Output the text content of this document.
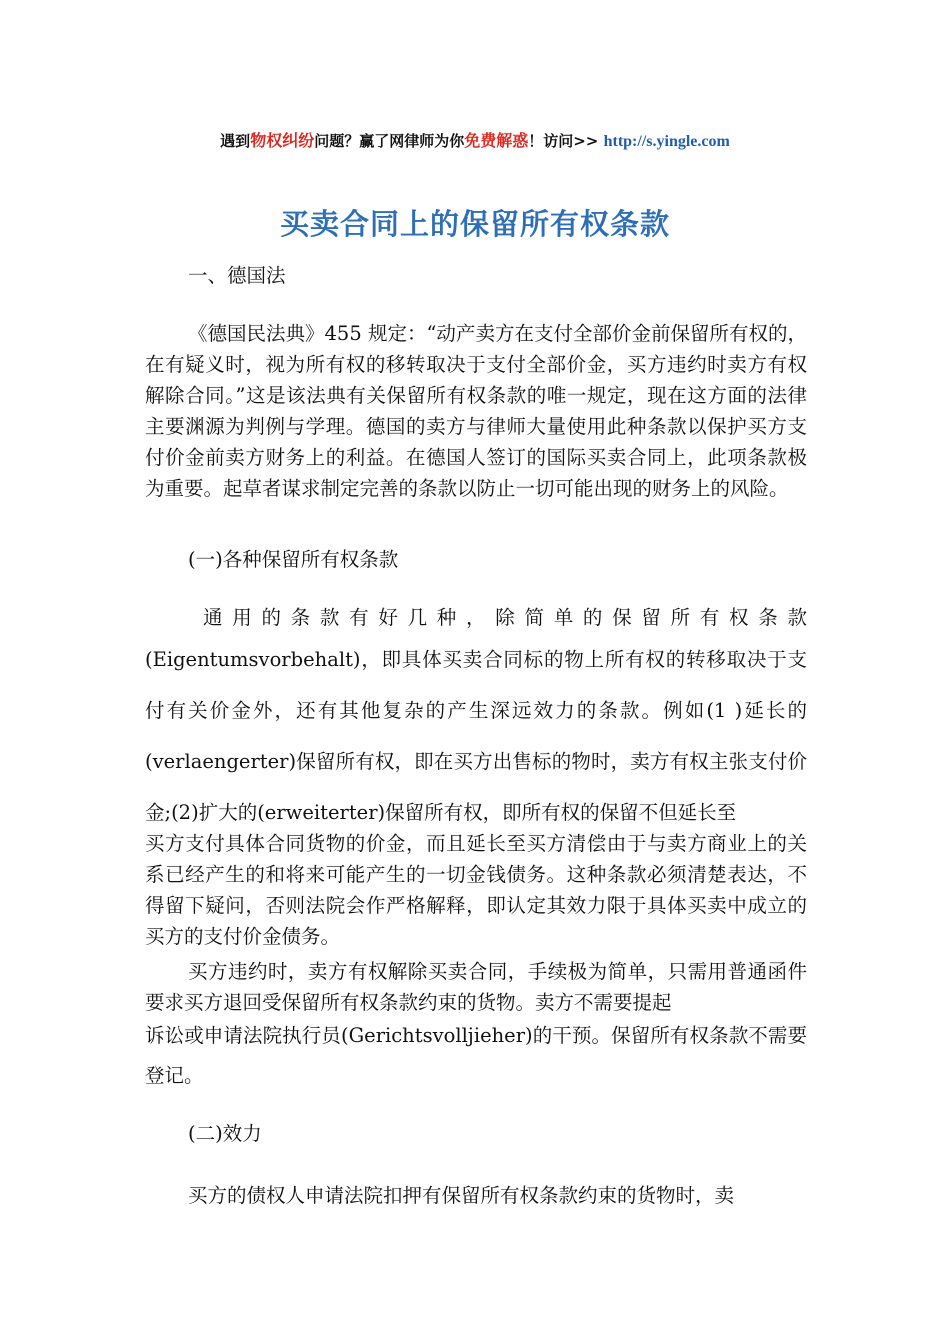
遇到物权纠纷问题？赢了网律师为你免费解惑！访问>> http://s.yingle.com
买卖合同上的保留所有权条款
一、德国法
《德国民法典》455 规定：“动产卖方在支付全部价金前保留所有权的，在有疑义时，视为所有权的移转取决于支付全部价金，买方违约时卖方有权解除合同。”这是该法典有关保留所有权条款的唯一规定，现在这方面的法律主要渊源为判例与学理。德国的卖方与律师大量使用此种条款以保护买方支付价金前卖方财务上的利益。在德国人签订的国际买卖合同上，此项条款极为重要。起草者谋求制定完善的条款以防止一切可能出现的财务上的风险。
(一)各种保留所有权条款
通 用 的 条 款 有 好 几 种 ， 除 简 单 的 保 留 所 有 权 条 款
(Eigentumsvorbehalt)，即具体买卖合同标的物上所有权的转移取决于支付有关价金外，还有其他复杂的产生深远效力的条款。例如(1 )延长的(verlaengerter)保留所有权，即在买方出售标的物时，卖方有权主张支付价金;(2)扩大的(erweiterter)保留所有权，即所有权的保留不但延长至
买方支付具体合同货物的价金，而且延长至买方清偿由于与卖方商业上的关系已经产生的和将来可能产生的一切金钱债务。这种条款必须清楚表达，不得留下疑问，否则法院会作严格解释，即认定其效力限于具体买卖中成立的买方的支付价金债务。
买方违约时，卖方有权解除买卖合同，手续极为简单，只需用普通函件要求买方退回受保留所有权条款约束的货物。卖方不需要提起
诉讼或申请法院执行员(Gerichtsvolljieher)的干预。保留所有权条款不需要登记。
(二)效力
买方的债权人申请法院扣押有保留所有权条款约束的货物时，卖
